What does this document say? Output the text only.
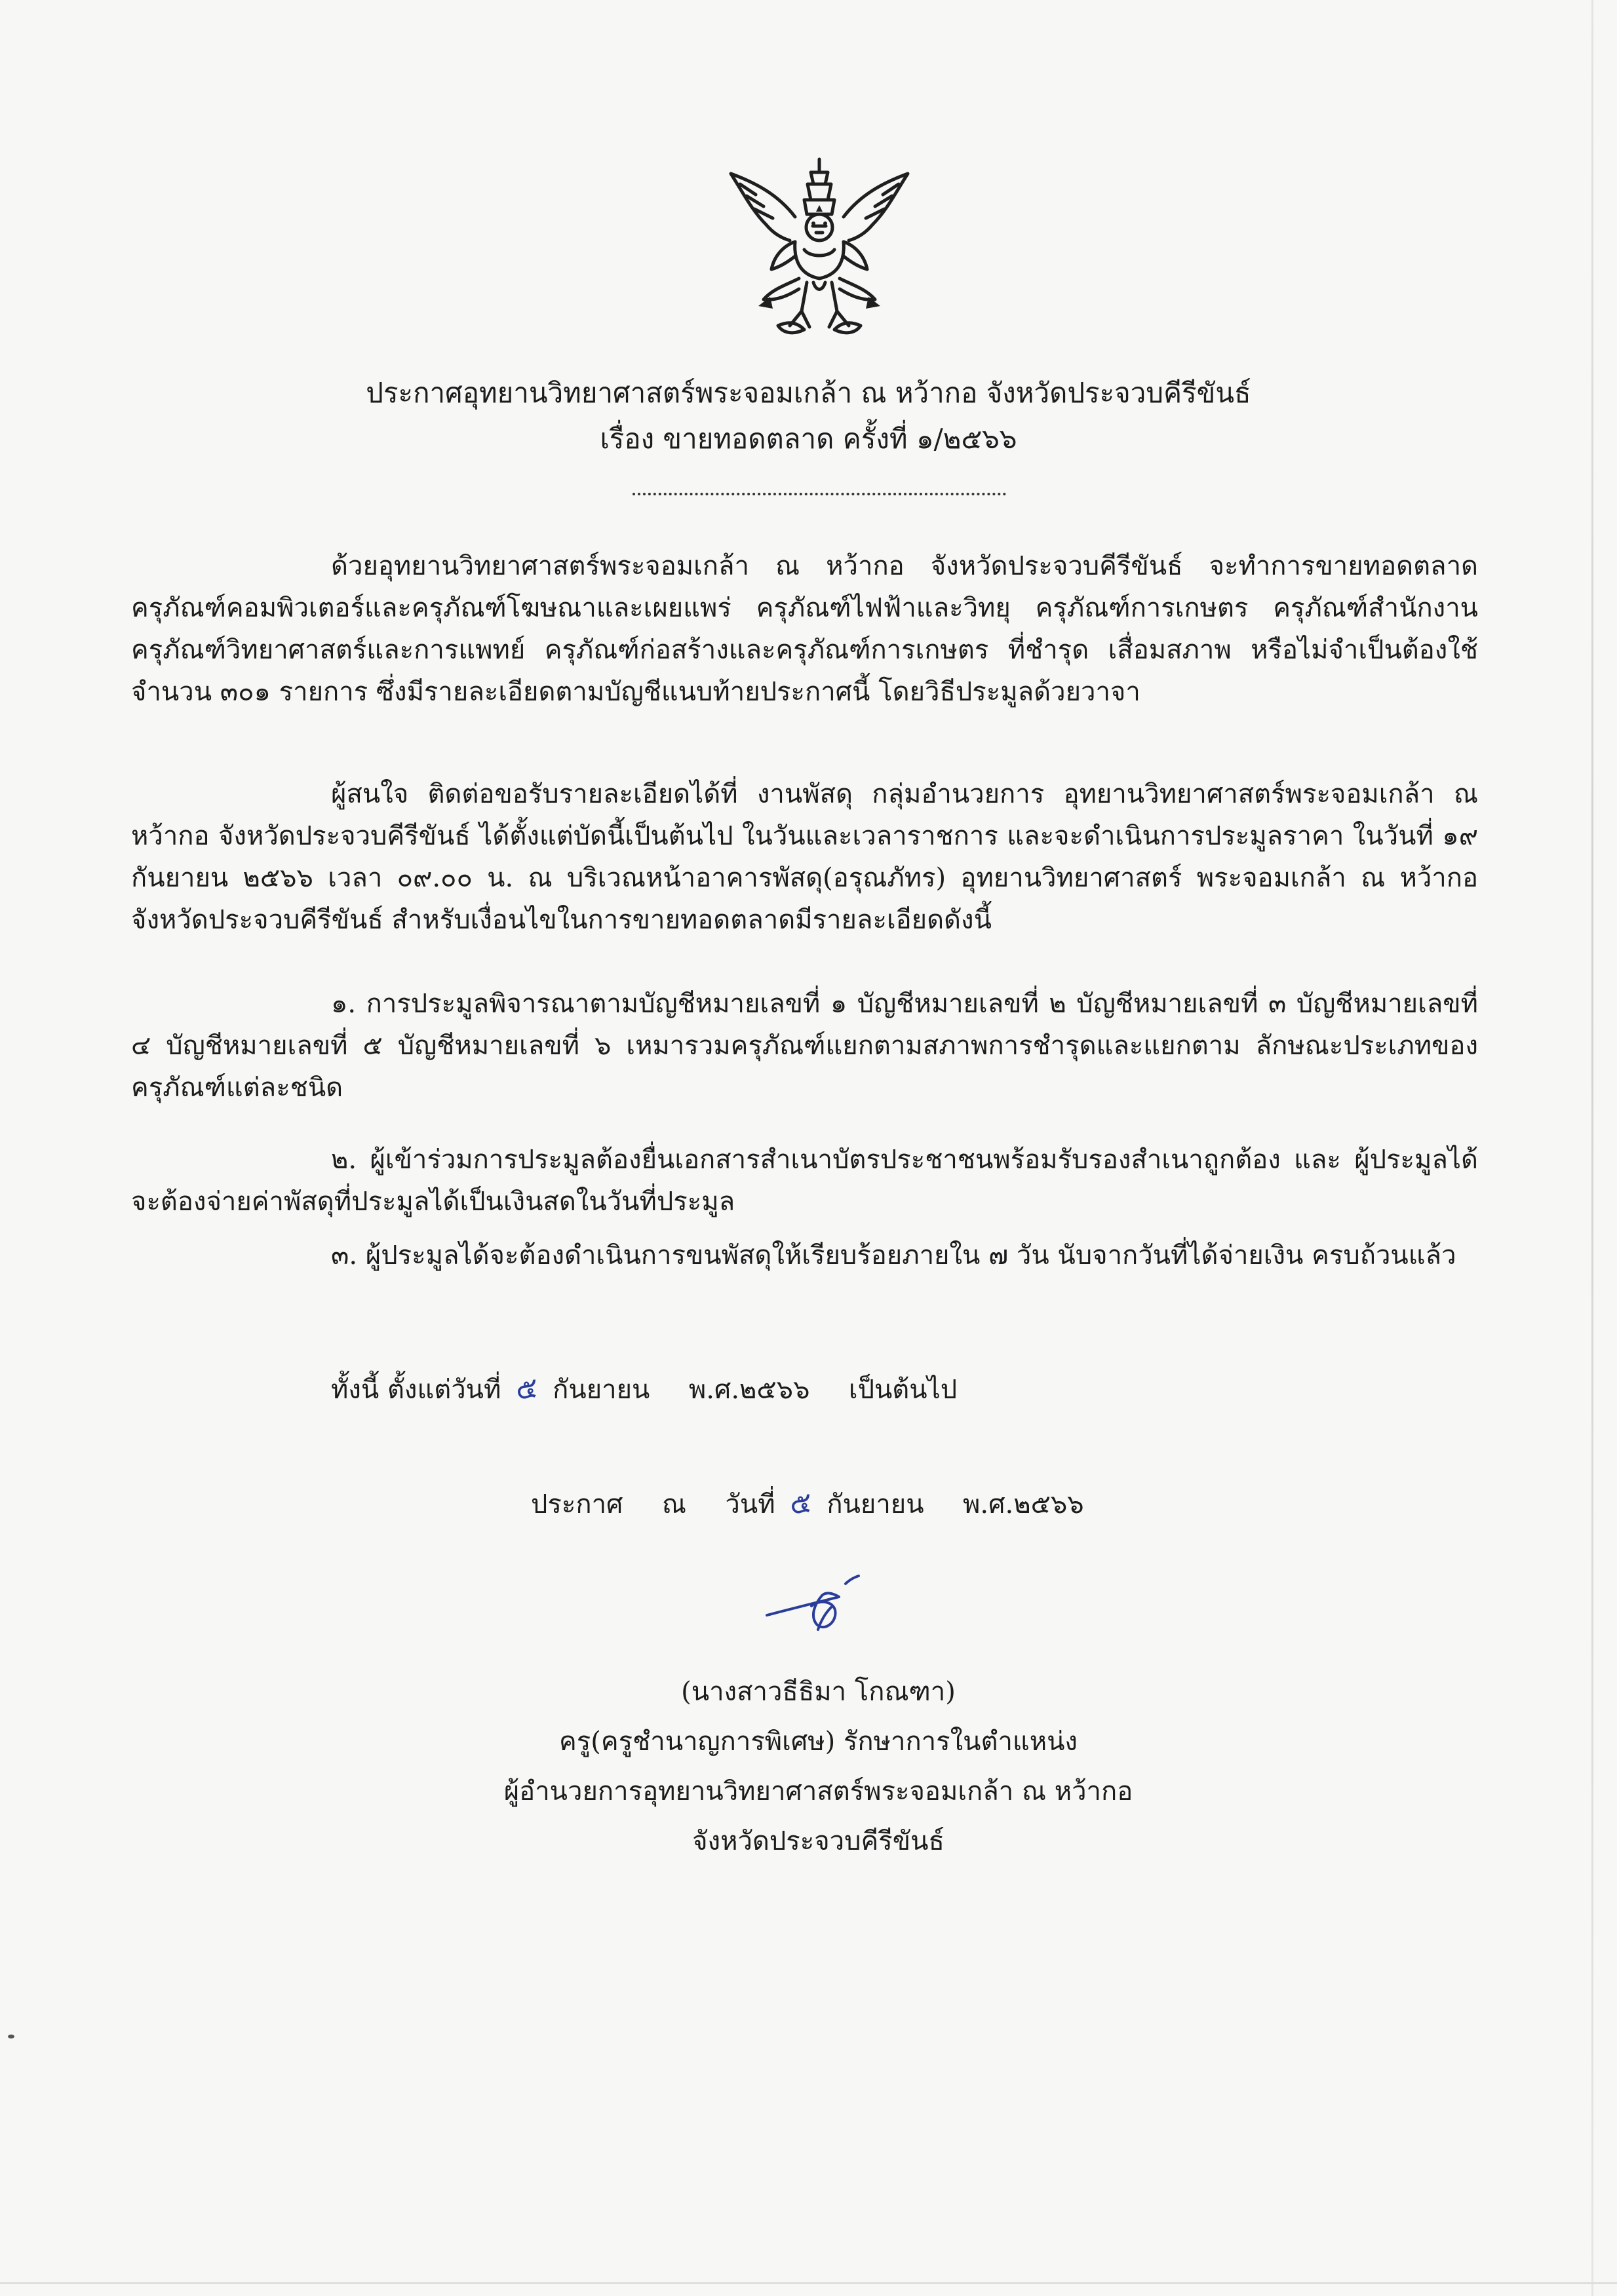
ประกาศอุทยานวิทยาศาสตร์พระจอมเกล้า ณ หว้ากอ จังหวัดประจวบคีรีขันธ์
เรื่อง ขายทอดตลาด ครั้งที่ ๑/๒๕๖๖

ด้วยอุทยานวิทยาศาสตร์พระจอมเกล้า ณ หว้ากอ จังหวัดประจวบคีรีขันธ์ จะทำการขายทอดตลาด ครุภัณฑ์คอมพิวเตอร์และครุภัณฑ์โฆษณาและเผยแพร่ ครุภัณฑ์ไฟฟ้าและวิทยุ ครุภัณฑ์การเกษตร ครุภัณฑ์สำนักงาน ครุภัณฑ์วิทยาศาสตร์และการแพทย์ ครุภัณฑ์ก่อสร้างและครุภัณฑ์การเกษตร ที่ชำรุด เสื่อมสภาพ หรือไม่จำเป็นต้องใช้ จำนวน ๓๐๑ รายการ ซึ่งมีรายละเอียดตามบัญชีแนบท้ายประกาศนี้ โดยวิธีประมูลด้วยวาจา

ผู้สนใจ ติดต่อขอรับรายละเอียดได้ที่ งานพัสดุ กลุ่มอำนวยการ อุทยานวิทยาศาสตร์พระจอมเกล้า ณ หว้ากอ จังหวัดประจวบคีรีขันธ์ ได้ตั้งแต่บัดนี้เป็นต้นไป ในวันและเวลาราชการ และจะดำเนินการประมูลราคา ในวันที่ ๑๙ กันยายน ๒๕๖๖ เวลา ๐๙.๐๐ น. ณ บริเวณหน้าอาคารพัสดุ(อรุณภัทร) อุทยานวิทยาศาสตร์ พระจอมเกล้า ณ หว้ากอ จังหวัดประจวบคีรีขันธ์ สำหรับเงื่อนไขในการขายทอดตลาดมีรายละเอียดดังนี้

๑. การประมูลพิจารณาตามบัญชีหมายเลขที่ ๑ บัญชีหมายเลขที่ ๒ บัญชีหมายเลขที่ ๓ บัญชีหมายเลขที่ ๔ บัญชีหมายเลขที่ ๕ บัญชีหมายเลขที่ ๖ เหมารวมครุภัณฑ์แยกตามสภาพการชำรุดและแยกตาม ลักษณะประเภทของครุภัณฑ์แต่ละชนิด

๒. ผู้เข้าร่วมการประมูลต้องยื่นเอกสารสำเนาบัตรประชาชนพร้อมรับรองสำเนาถูกต้อง และ ผู้ประมูลได้จะต้องจ่ายค่าพัสดุที่ประมูลได้เป็นเงินสดในวันที่ประมูล

๓. ผู้ประมูลได้จะต้องดำเนินการขนพัสดุให้เรียบร้อยภายใน ๗ วัน นับจากวันที่ได้จ่ายเงิน ครบถ้วนแล้ว

ทั้งนี้ ตั้งแต่วันที่ ๕ กันยายน พ.ศ.๒๕๖๖ เป็นต้นไป
ประกาศ ณ วันที่ ๕ กันยายน พ.ศ.๒๕๖๖
(นางสาวธีธิมา โกณฑา)
ครู(ครูชำนาญการพิเศษ) รักษาการในตำแหน่ง
ผู้อำนวยการอุทยานวิทยาศาสตร์พระจอมเกล้า ณ หว้ากอ
จังหวัดประจวบคีรีขันธ์
